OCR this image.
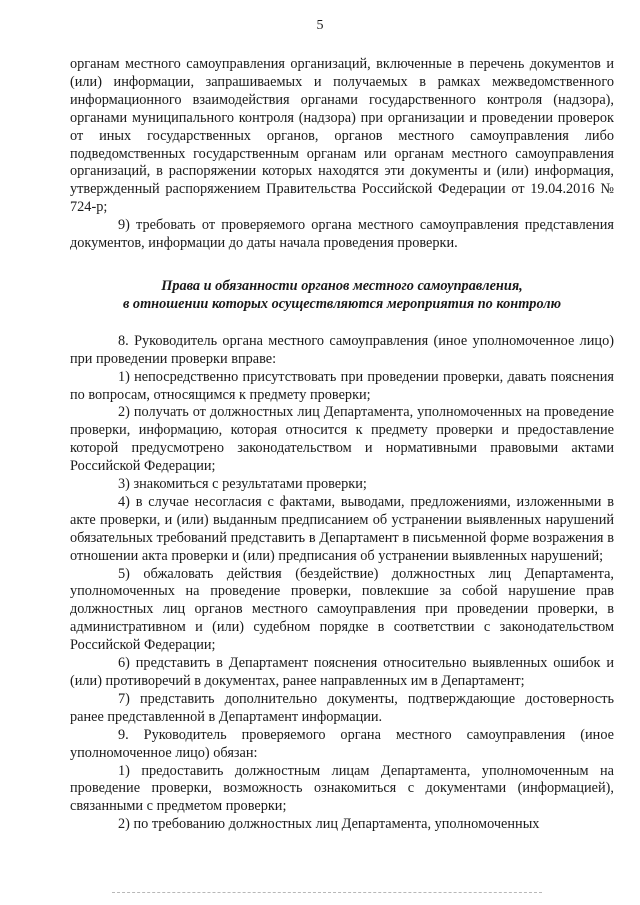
5

органам местного самоуправления организаций, включенные в перечень документов и (или) информации, запрашиваемых и получаемых в рамках межведомственного информационного взаимодействия органами государственного контроля (надзора), органами муниципального контроля (надзора) при организации и проведении проверок от иных государственных органов, органов местного самоуправления либо подведомственных государственным органам или органам местного самоуправления организаций, в распоряжении которых находятся эти документы и (или) информация, утвержденный распоряжением Правительства Российской Федерации от 19.04.2016 № 724-р;

9) требовать от проверяемого органа местного самоуправления представления документов, информации до даты начала проведения проверки.

Права и обязанности органов местного самоуправления,
в отношении которых осуществляются мероприятия по контролю

8. Руководитель органа местного самоуправления (иное уполномоченное лицо) при проведении проверки вправе:

1) непосредственно присутствовать при проведении проверки, давать пояснения по вопросам, относящимся к предмету проверки;

2) получать от должностных лиц Департамента, уполномоченных на проведение проверки, информацию, которая относится к предмету проверки и предоставление которой предусмотрено законодательством и нормативными правовыми актами Российской Федерации;

3) знакомиться с результатами проверки;

4) в случае несогласия с фактами, выводами, предложениями, изложенными в акте проверки, и (или) выданным предписанием об устранении выявленных нарушений обязательных требований представить в Департамент в письменной форме возражения в отношении акта проверки и (или) предписания об устранении выявленных нарушений;

5) обжаловать действия (бездействие) должностных лиц Департамента, уполномоченных на проведение проверки, повлекшие за собой нарушение прав должностных лиц органов местного самоуправления при проведении проверки, в административном и (или) судебном порядке в соответствии с законодательством Российской Федерации;

6) представить в Департамент пояснения относительно выявленных ошибок и (или) противоречий в документах, ранее направленных им в Департамент;

7) представить дополнительно документы, подтверждающие достоверность ранее представленной в Департамент информации.

9. Руководитель проверяемого органа местного самоуправления (иное уполномоченное лицо) обязан:

1) предоставить должностным лицам Департамента, уполномоченным на проведение проверки, возможность ознакомиться с документами (информацией), связанными с предметом проверки;

2) по требованию должностных лиц Департамента, уполномоченных
